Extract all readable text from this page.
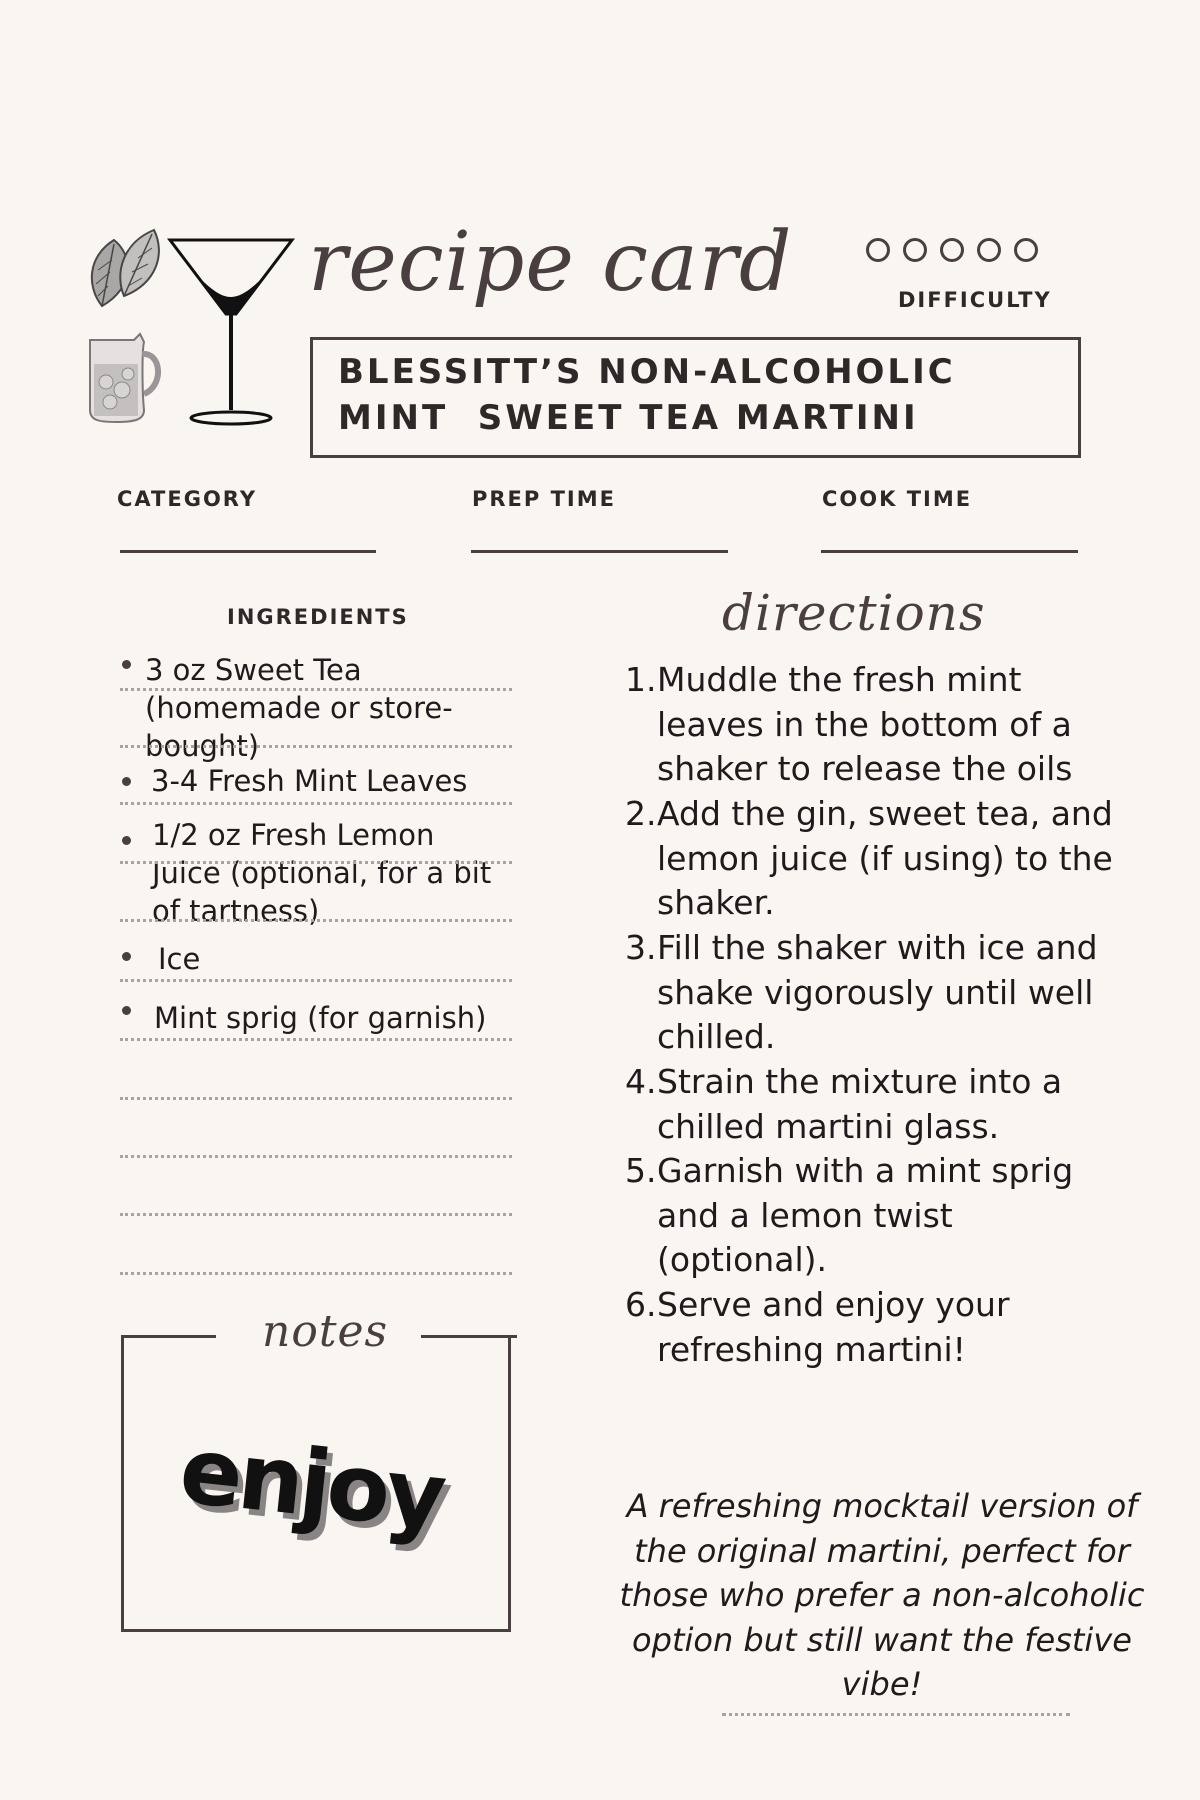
recipe card	DIFFICULTY
BLESSITT’S NON-ALCOHOLIC
MINT  SWEET TEA MARTINI
CATEGORY	PREP TIME	COOK TIME
INGREDIENTS
3 oz Sweet Tea (homemade or store-bought)
3-4 Fresh Mint Leaves
1/2 oz Fresh Lemon Juice (optional, for a bit of tartness)
Ice
Mint sprig (for garnish)
notes
enjoy
directions
1. Muddle the fresh mint leaves in the bottom of a shaker to release the oils
2. Add the gin, sweet tea, and lemon juice (if using) to the shaker.
3. Fill the shaker with ice and shake vigorously until well chilled.
4. Strain the mixture into a chilled martini glass.
5. Garnish with a mint sprig and a lemon twist (optional).
6. Serve and enjoy your refreshing martini!
A refreshing mocktail version of the original martini, perfect for those who prefer a non-alcoholic option but still want the festive vibe!
